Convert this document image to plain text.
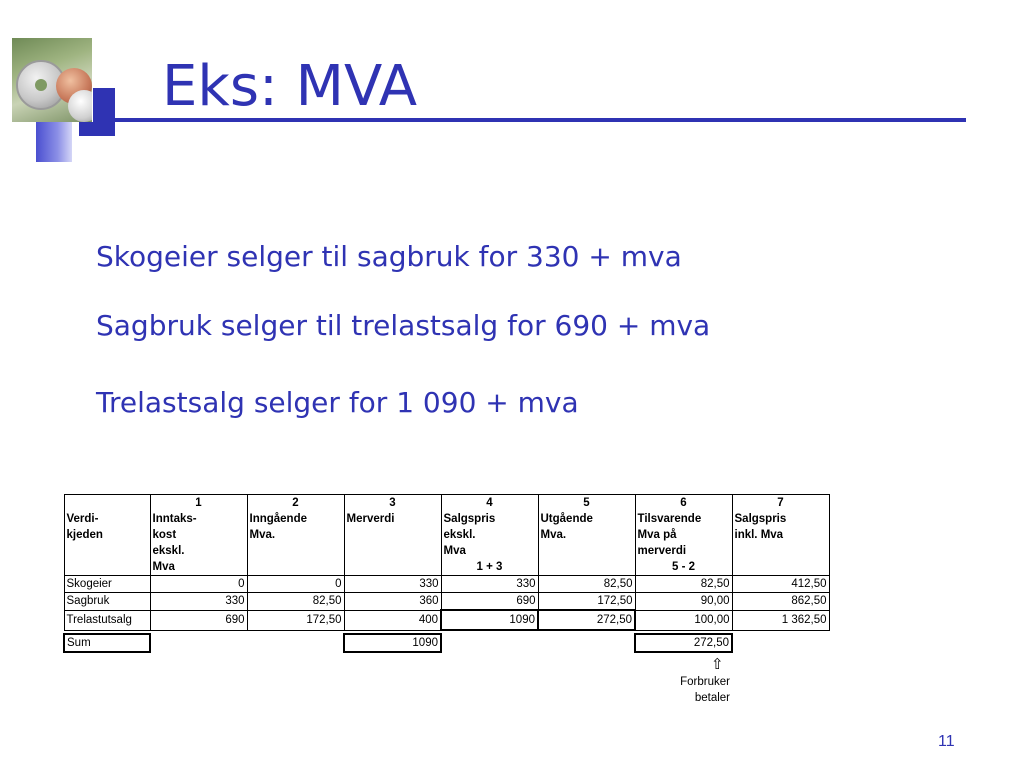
Eks: MVA

Skogeier selger til sagbruk for 330 + mva

Sagbruk selger til trelastsalg for 690 + mva

Trelastsalg selger for 1 090 + mva

	1	2	3	4	5	6	7
Verdi-	Inntaks-	Inngående	Merverdi	Salgspris	Utgående	Tilsvarende	Salgspris
kjeden	kost	Mva.		ekskl.	Mva.	Mva på	inkl. Mva
	ekskl.			Mva		merverdi	
	Mva			1 + 3		5 - 2	
Skogeier	0	0	330	330	82,50	82,50	412,50
Sagbruk	330	82,50	360	690	172,50	90,00	862,50
Trelastutsalg	690	172,50	400	1090	272,50	100,00	1 362,50

Sum			1090			272,50	
Forbruker
betaler
⇧
11
